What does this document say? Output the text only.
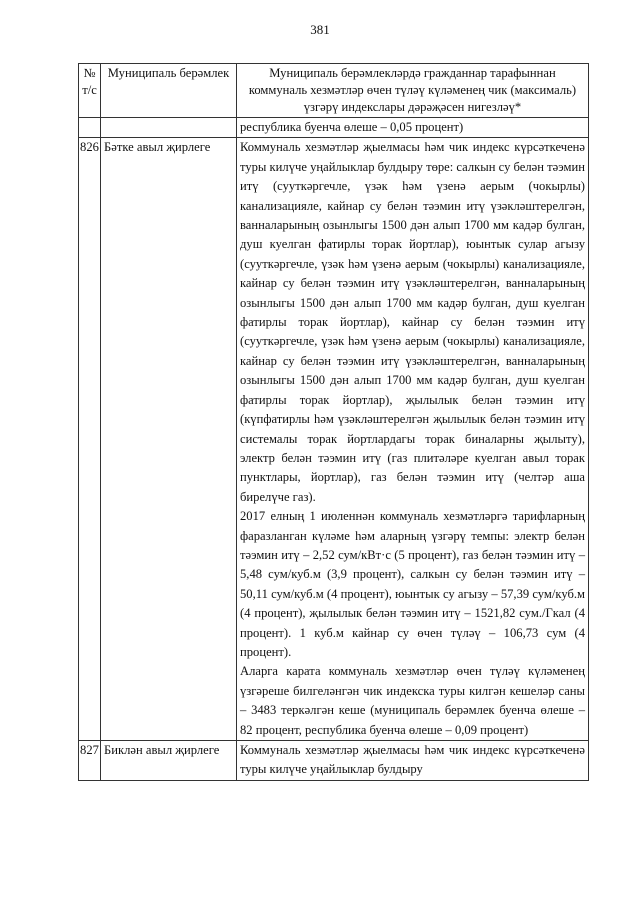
381
№ т/с	Муниципаль берәмлек	Муниципаль берәмлекләрдә гражданнар тарафыннан коммуналь хезмәтләр өчен түләү күләменең чик (максималь) үзгәрү индекслары дәрәҗәсен нигезләү*

		республика буенча өлеше – 0,05 процент)

826	Бәтке авыл җирлеге	Коммуналь хезмәтләр җыелмасы һәм чик индекс күрсәткеченә туры килүче уңайлыклар булдыру төре: салкын су белән тәэмин итү (сууткәргечле, үзәк һәм үзенә аерым (чокырлы) канализацияле, кайнар су белән тәэмин итү үзәкләштерелгән, ванналарының озынлыгы 1500 дән алып 1700 мм кадәр булган, душ куелган фатирлы торак йортлар), юынтык сулар агызу (сууткәргечле, үзәк һәм үзенә аерым (чокырлы) канализацияле, кайнар су белән тәэмин итү үзәкләштерелгән, ванналарының озынлыгы 1500 дән алып 1700 мм кадәр булган, душ куелган фатирлы торак йортлар), кайнар су белән тәэмин итү (сууткәргечле, үзәк һәм үзенә аерым (чокырлы) канализацияле, кайнар су белән тәэмин итү үзәкләштерелгән, ванналарының озынлыгы 1500 дән алып 1700 мм кадәр булган, душ куелган фатирлы торак йортлар), җылылык белән тәэмин итү (күпфатирлы һәм үзәкләштерелгән җылылык белән тәэмин итү системалы торак йортлардагы торак биналарны җылыту), электр белән тәэмин итү (газ плитәләре куелган авыл торак пунктлары, йортлар), газ белән тәэмин итү (челтәр аша бирелүче газ).

2017 елның 1 июленнән коммуналь хезмәтләргә тарифларның фаразланган күләме һәм аларның үзгәрү темпы: электр белән тәэмин итү – 2,52 сум/кВт·с (5 процент), газ белән тәэмин итү – 5,48 сум/куб.м (3,9 процент), салкын су белән тәэмин итү – 50,11 сум/куб.м (4 процент), юынтык су агызу – 57,39 сум/куб.м (4 процент), җылылык белән тәэмин итү – 1521,82 сум./Гкал (4 процент). 1 куб.м кайнар су өчен түләү – 106,73 сум (4 процент).

Аларга карата коммуналь хезмәтләр өчен түләү күләменең үзгәреше билгеләнгән чик индекска туры килгән кешеләр саны – 3483 теркәлгән кеше (муниципаль берәмлек буенча өлеше – 82 процент, республика буенча өлеше – 0,09 процент)

827	Биклән авыл җирлеге	Коммуналь хезмәтләр җыелмасы һәм чик индекс күрсәткеченә туры килүче уңайлыклар булдыру
